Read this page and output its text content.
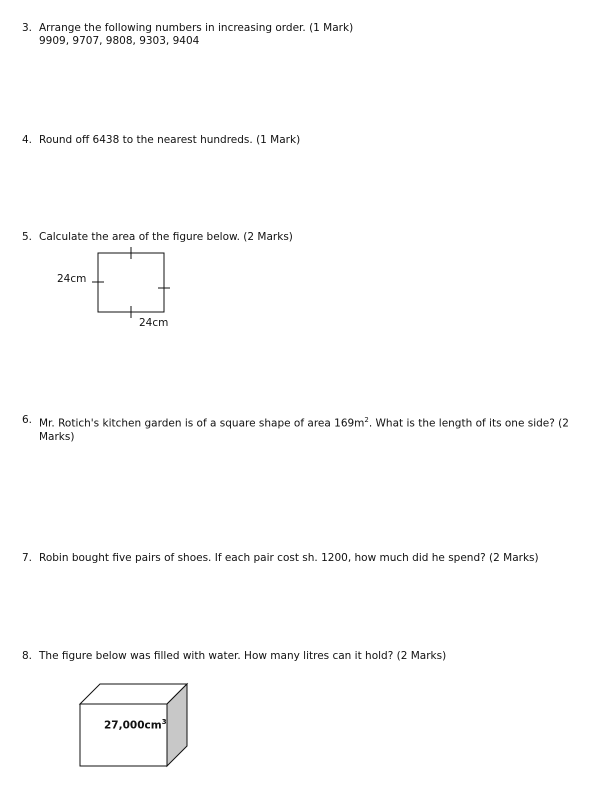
3. Arrange the following numbers in increasing order. (1 Mark)
9909, 9707, 9808, 9303, 9404
4. Round off 6438 to the nearest hundreds. (1 Mark)
5. Calculate the area of the figure below. (2 Marks)
24cm
24cm
6. Mr. Rotich's kitchen garden is of a square shape of area $169m^2$. What is the length of its one side? (2
Marks)
7. Robin bought five pairs of shoes. If each pair cost sh. 1200, how much did he spend? (2 Marks)
8. The figure below was filled with water. How many litres can it hold? (2 Marks)
$27,000cm^3$
